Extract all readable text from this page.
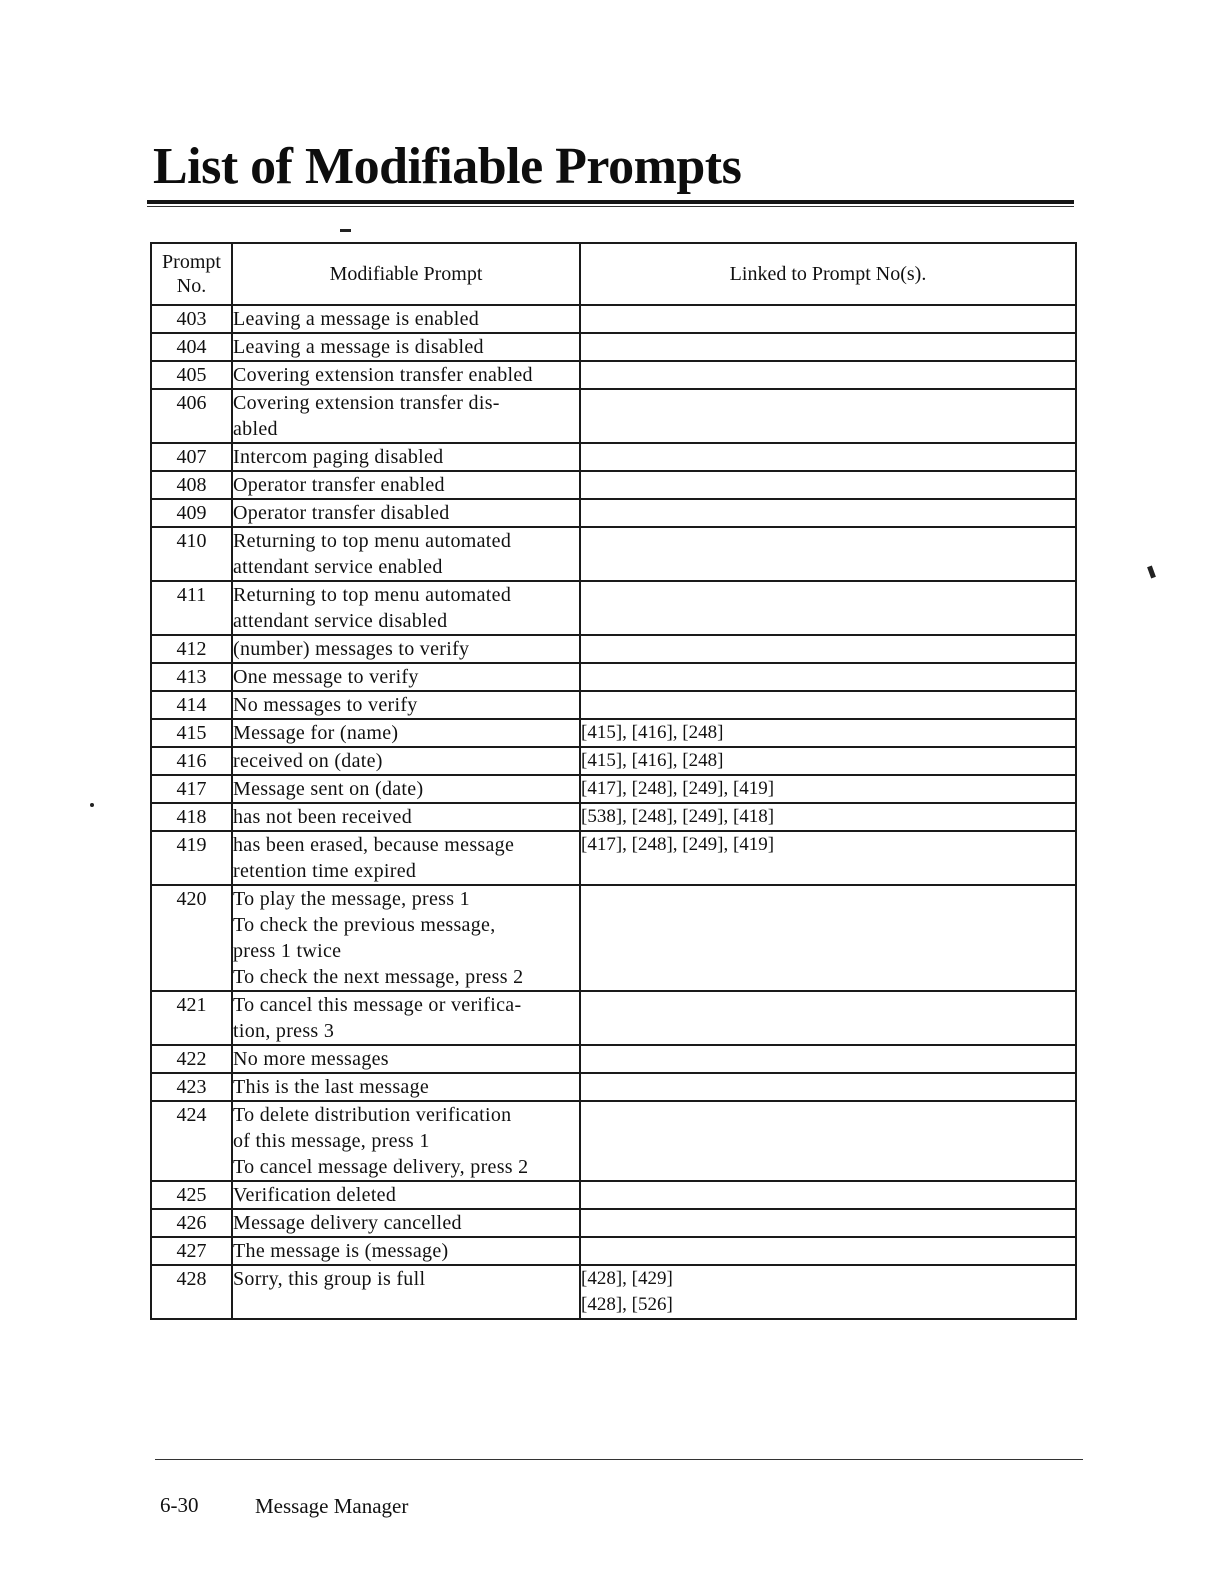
List of Modifiable Prompts
Prompt
No.	Modifiable Prompt	Linked to Prompt No(s).
403	Leaving a message is enabled	
404	Leaving a message is disabled	
405	Covering extension transfer enabled	
406	Covering extension transfer dis-
abled	
407	Intercom paging disabled	
408	Operator transfer enabled	
409	Operator transfer disabled	
410	Returning to top menu automated
attendant service enabled	
411	Returning to top menu automated
attendant service disabled	
412	(number) messages to verify	
413	One message to verify	
414	No messages to verify	
415	Message for (name)	[415], [416], [248]
416	received on (date)	[415], [416], [248]
417	Message sent on (date)	[417], [248], [249], [419]
418	has not been received	[538], [248], [249], [418]
419	has been erased, because message
retention time expired	[417], [248], [249], [419]
420	To play the message, press 1
To check the previous message,
press 1 twice
To check the next message, press 2	
421	To cancel this message or verifica-
tion, press 3	
422	No more messages	
423	This is the last message	
424	To delete distribution verification
of this message, press 1
To cancel message delivery, press 2	
425	Verification deleted	
426	Message delivery cancelled	
427	The message is (message)	
428	Sorry, this group is full	[428], [429]
[428], [526]
6-30	Message Manager
